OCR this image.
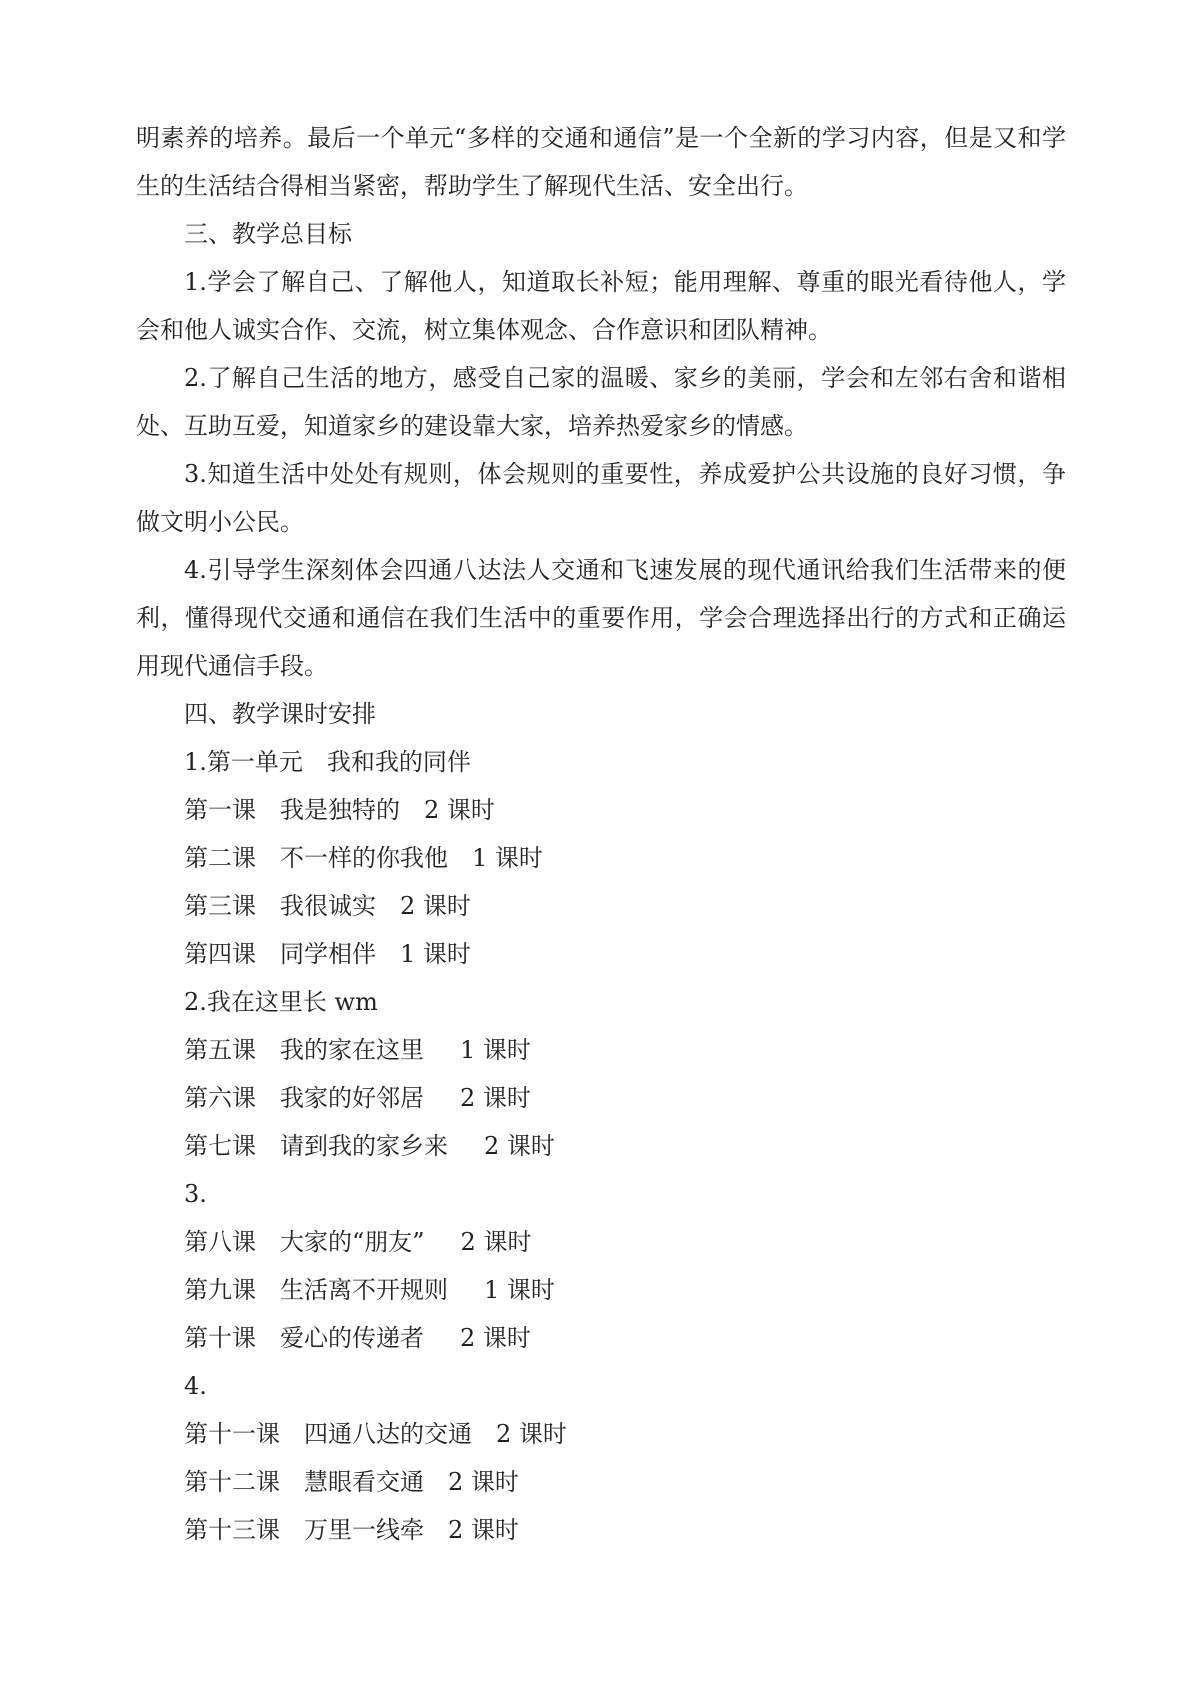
明素养的培养。最后一个单元“多样的交通和通信”是一个全新的学习内容，但是又和学生的生活结合得相当紧密，帮助学生了解现代生活、安全出行。

三、教学总目标

1.学会了解自己、了解他人，知道取长补短；能用理解、尊重的眼光看待他人，学会和他人诚实合作、交流，树立集体观念、合作意识和团队精神。

2.了解自己生活的地方，感受自己家的温暖、家乡的美丽，学会和左邻右舍和谐相处、互助互爱，知道家乡的建设靠大家，培养热爱家乡的情感。

3.知道生活中处处有规则，体会规则的重要性，养成爱护公共设施的良好习惯，争做文明小公民。

4.引导学生深刻体会四通八达法人交通和飞速发展的现代通讯给我们生活带来的便利，懂得现代交通和通信在我们生活中的重要作用，学会合理选择出行的方式和正确运用现代通信手段。

四、教学课时安排

1.第一单元　我和我的同伴

第一课 我是独特的 2 课时

第二课 不一样的你我他 1 课时

第三课 我很诚实 2 课时

第四课 同学相伴 1 课时

2.我在这里长 wm

第五课 我的家在这里 1 课时

第六课 我家的好邻居 2 课时

第七课 请到我的家乡来 2 课时

3.

第八课 大家的“朋友” 2 课时

第九课 生活离不开规则 1 课时

第十课 爱心的传递者 2 课时

4.

第十一课 四通八达的交通 2 课时

第十二课 慧眼看交通 2 课时

第十三课 万里一线牵 2 课时
